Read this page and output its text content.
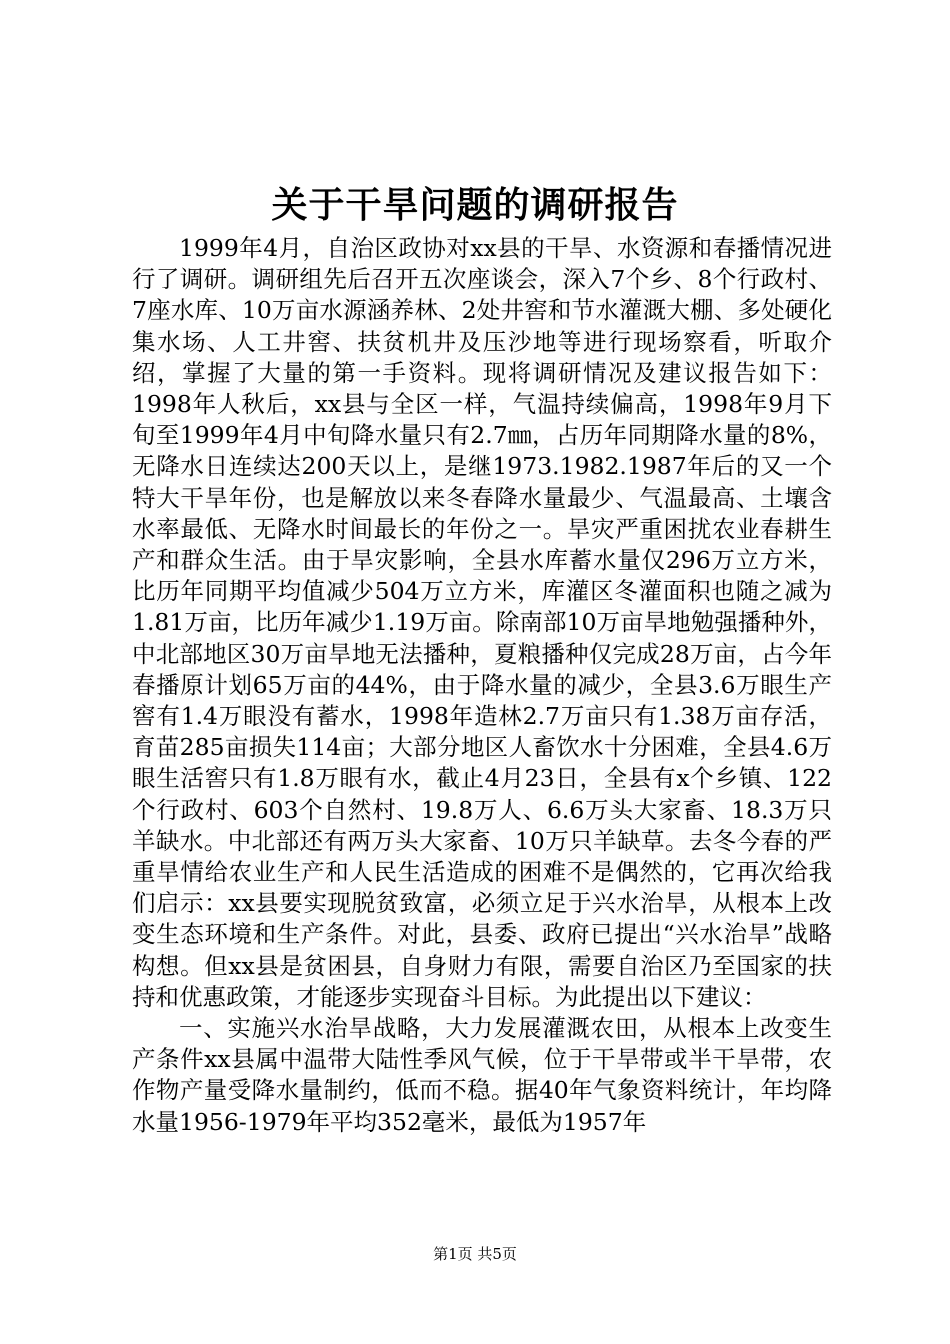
关于干旱问题的调研报告

1999年4月，自治区政协对xx县的干旱、水资源和春播情况进行了调研。调研组先后召开五次座谈会，深入7个乡、8个行政村、7座水库、10万亩水源涵养林、2处井窖和节水灌溉大棚、多处硬化集水场、人工井窖、扶贫机井及压沙地等进行现场察看，听取介绍，掌握了大量的第一手资料。现将调研情况及建议报告如下：1998年人秋后，xx县与全区一样，气温持续偏高，1998年9月下旬至1999年4月中旬降水量只有2.7㎜，占历年同期降水量的8%，无降水日连续达200天以上，是继1973.1982.1987年后的又一个特大干旱年份，也是解放以来冬春降水量最少、气温最高、土壤含水率最低、无降水时间最长的年份之一。旱灾严重困扰农业春耕生产和群众生活。由于旱灾影响，全县水库蓄水量仅296万立方米，比历年同期平均值减少504万立方米，库灌区冬灌面积也随之减为1.81万亩，比历年减少1.19万亩。除南部10万亩旱地勉强播种外，中北部地区30万亩旱地无法播种，夏粮播种仅完成28万亩，占今年春播原计划65万亩的44%，由于降水量的减少，全县3.6万眼生产窖有1.4万眼没有蓄水，1998年造林2.7万亩只有1.38万亩存活，育苗285亩损失114亩；大部分地区人畜饮水十分困难，全县4.6万眼生活窖只有1.8万眼有水，截止4月23日，全县有x个乡镇、122个行政村、603个自然村、19.8万人、6.6万头大家畜、18.3万只羊缺水。中北部还有两万头大家畜、10万只羊缺草。去冬今春的严重旱情给农业生产和人民生活造成的困难不是偶然的，它再次给我们启示：xx县要实现脱贫致富，必须立足于兴水治旱，从根本上改变生态环境和生产条件。对此，县委、政府已提出“兴水治旱”战略构想。但xx县是贫困县，自身财力有限，需要自治区乃至国家的扶持和优惠政策，才能逐步实现奋斗目标。为此提出以下建议：

一、实施兴水治旱战略，大力发展灌溉农田，从根本上改变生产条件xx县属中温带大陆性季风气候，位于干旱带或半干旱带，农作物产量受降水量制约，低而不稳。据40年气象资料统计，年均降水量1956-1979年平均352毫米，最低为1957年

第1页 共5页
